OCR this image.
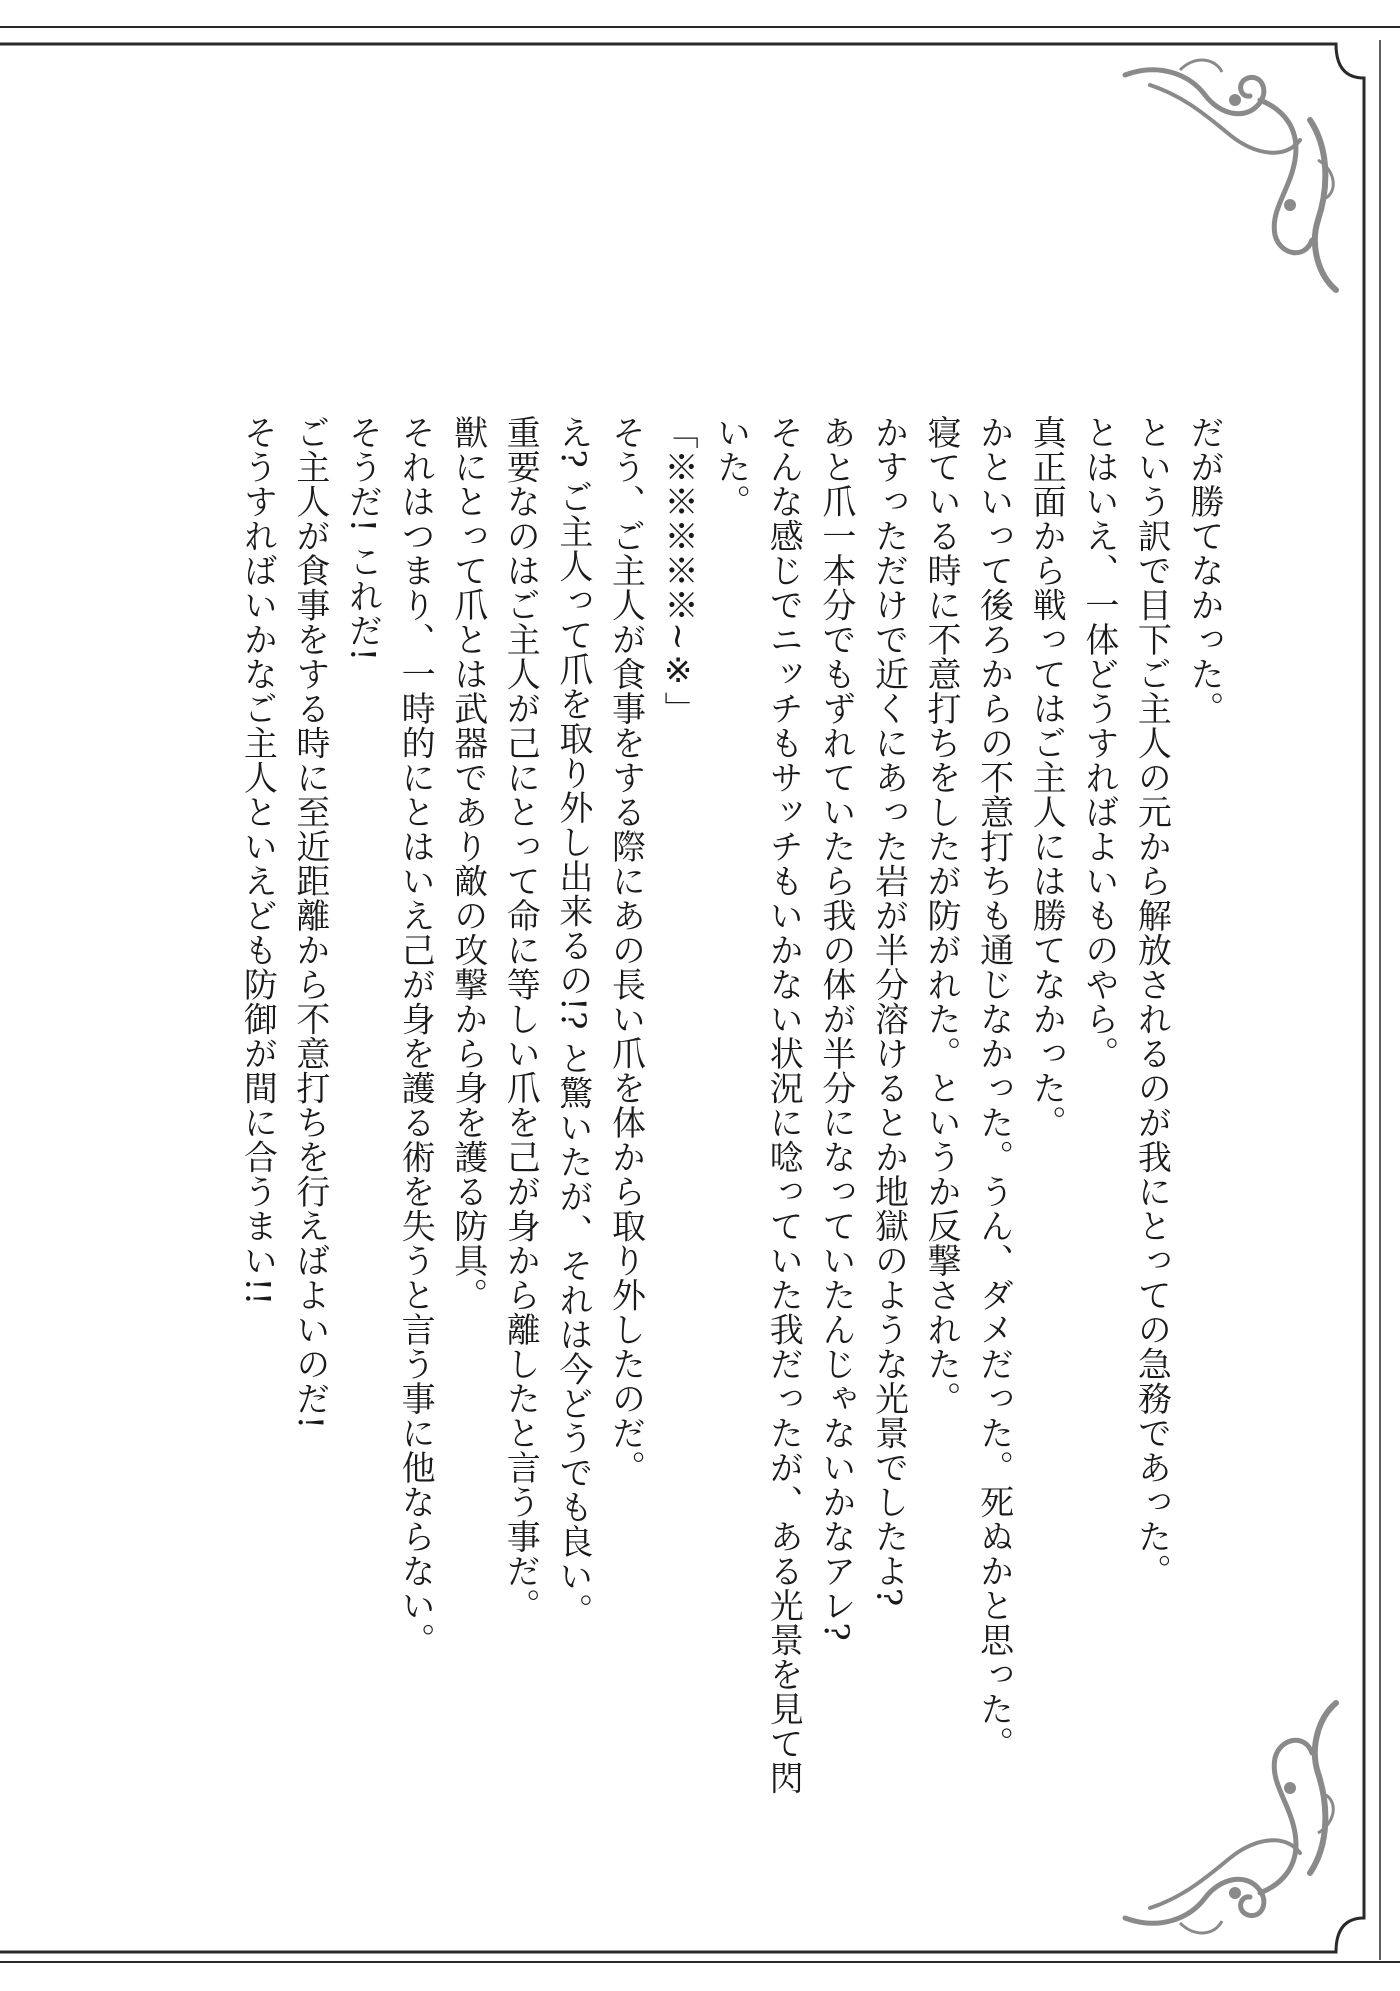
だが勝てなかった。

という訳で目下ご主人の元から解放されるのが我にとっての急務であった。

とはいえ、一体どうすればよいものやら。

真正面から戦ってはご主人には勝てなかった。

かといって後ろからの不意打ちも通じなかった。うん、ダメだった。死ぬかと思った。

寝ている時に不意打ちをしたが防がれた。というか反撃された。

かすっただけで近くにあった岩が半分溶けるとか地獄のような光景でしたよ?

あと爪一本分でもずれていたら我の体が半分になっていたんじゃないかなアレ?

そんな感じでニッチもサッチもいかない状況に唸っていた我だったが、ある光景を見て閃いた。

「※※※※※~※」

そう、ご主人が食事をする際にあの長い爪を体から取り外したのだ。

え? ご主人って爪を取り外し出来るの!? と驚いたが、それは今どうでも良い。

重要なのはご主人が己にとって命に等しい爪を己が身から離したと言う事だ。

獣にとって爪とは武器であり敵の攻撃から身を護る防具。

それはつまり、一時的にとはいえ己が身を護る術を失うと言う事に他ならない。

そうだ! これだ!

ご主人が食事をする時に至近距離から不意打ちを行えばよいのだ!

そうすればいかなご主人といえども防御が間に合うまい!!
